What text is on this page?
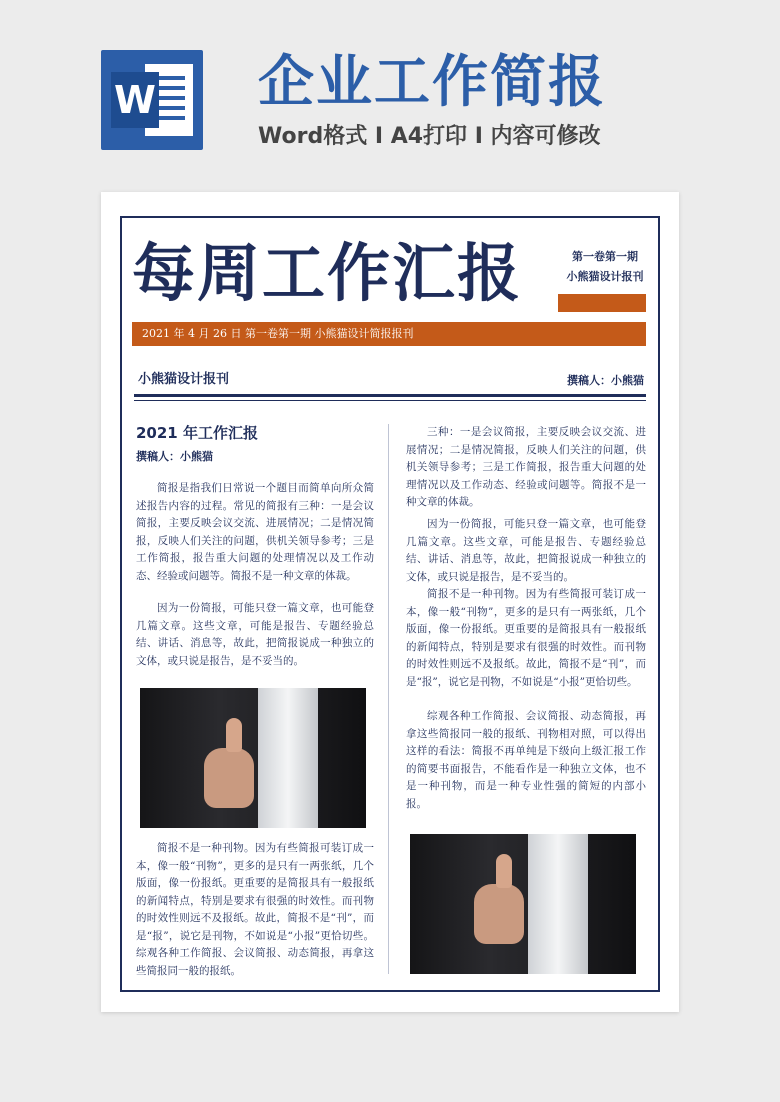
W 企业工作简报
Word格式 I A4打印 I 内容可修改
每周工作汇报	第一卷第一期
小熊猫设计报刊
2021 年 4 月 26 日 第一卷第一期 小熊猫设计简报报刊
小熊猫设计报刊	撰稿人：小熊猫
2021 年工作汇报
撰稿人：小熊猫
简报是指我们日常说一个题目而简单向所众简述报告内容的过程。常见的简报有三种：一是会议简报，主要反映会议交流、进展情况；二是情况简报，反映人们关注的问题，供机关领导参考；三是工作简报，报告重大问题的处理情况以及工作动态、经验或问题等。简报不是一种文章的体裁。
因为一份简报，可能只登一篇文章，也可能登几篇文章。这些文章，可能是报告、专题经验总结、讲话、消息等，故此，把简报说成一种独立的文体，或只说是报告，是不妥当的。
简报不是一种刊物。因为有些简报可装订成一本，像一般“刊物”，更多的是只有一两张纸，几个版面，像一份报纸。更重要的是简报具有一般报纸的新闻特点，特别是要求有很强的时效性。而刊物的时效性则远不及报纸。故此，简报不是“刊”，而是“报”，说它是刊物，不如说是“小报”更恰切些。综观各种工作简报、会议简报、动态简报，再拿这些简报同一般的报纸。
三种：一是会议简报，主要反映会议交流、进展情况；二是情况简报，反映人们关注的问题，供机关领导参考；三是工作简报，报告重大问题的处理情况以及工作动态、经验或问题等。简报不是一种文章的体裁。
因为一份简报，可能只登一篇文章，也可能登几篇文章。这些文章，可能是报告、专题经验总结、讲话、消息等，故此，把简报说成一种独立的文体，或只说是报告，是不妥当的。
简报不是一种刊物。因为有些简报可装订成一本，像一般“刊物”，更多的是只有一两张纸，几个版面，像一份报纸。更重要的是简报具有一般报纸的新闻特点，特别是要求有很强的时效性。而刊物的时效性则远不及报纸。故此，简报不是“刊”，而是“报”，说它是刊物，不如说是“小报”更恰切些。
综观各种工作简报、会议简报、动态简报，再拿这些简报同一般的报纸、刊物相对照，可以得出这样的看法：简报不再单纯是下级向上级汇报工作的简要书面报告，不能看作是一种独立文体，也不是一种刊物，而是一种专业性强的简短的内部小报。
